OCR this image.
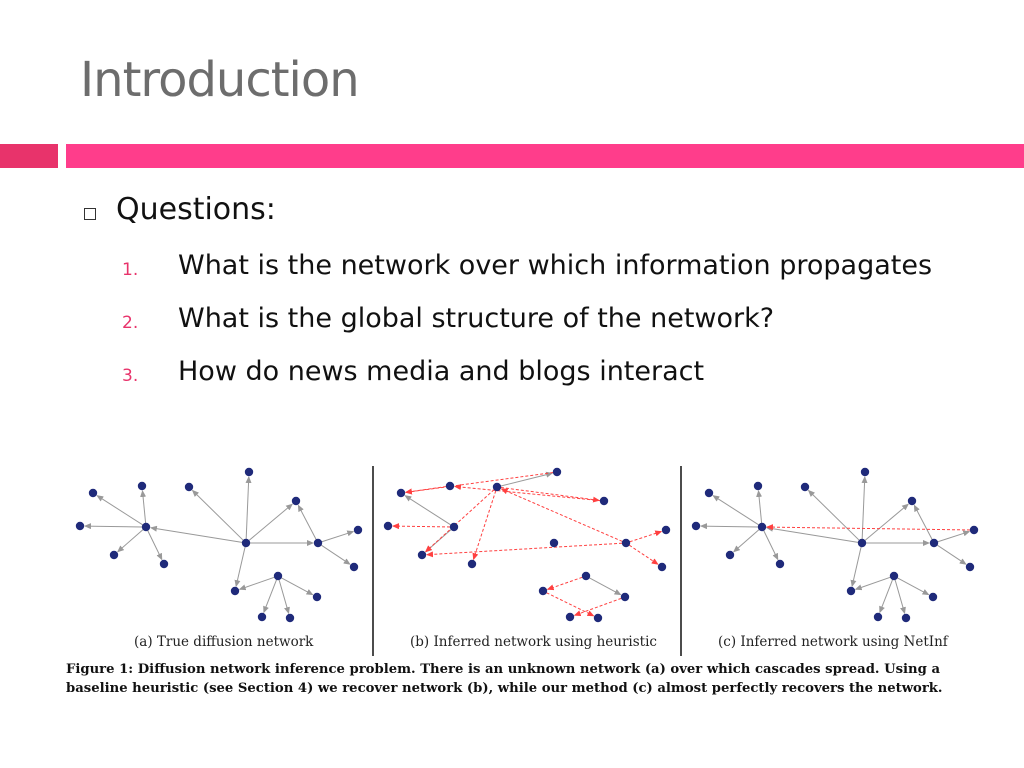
Introduction
Questions:
1. What is the network over which information propagates
2. What is the global structure of the network?
3. How do news media and blogs interact
(a) True diffusion network	(b) Inferred network using heuristic	(c) Inferred network using NetInf
Figure 1: Diffusion network inference problem. There is an unknown network (a) over which cascades spread. Using a baseline heuristic (see Section 4) we recover network (b), while our method (c) almost perfectly recovers the network.
